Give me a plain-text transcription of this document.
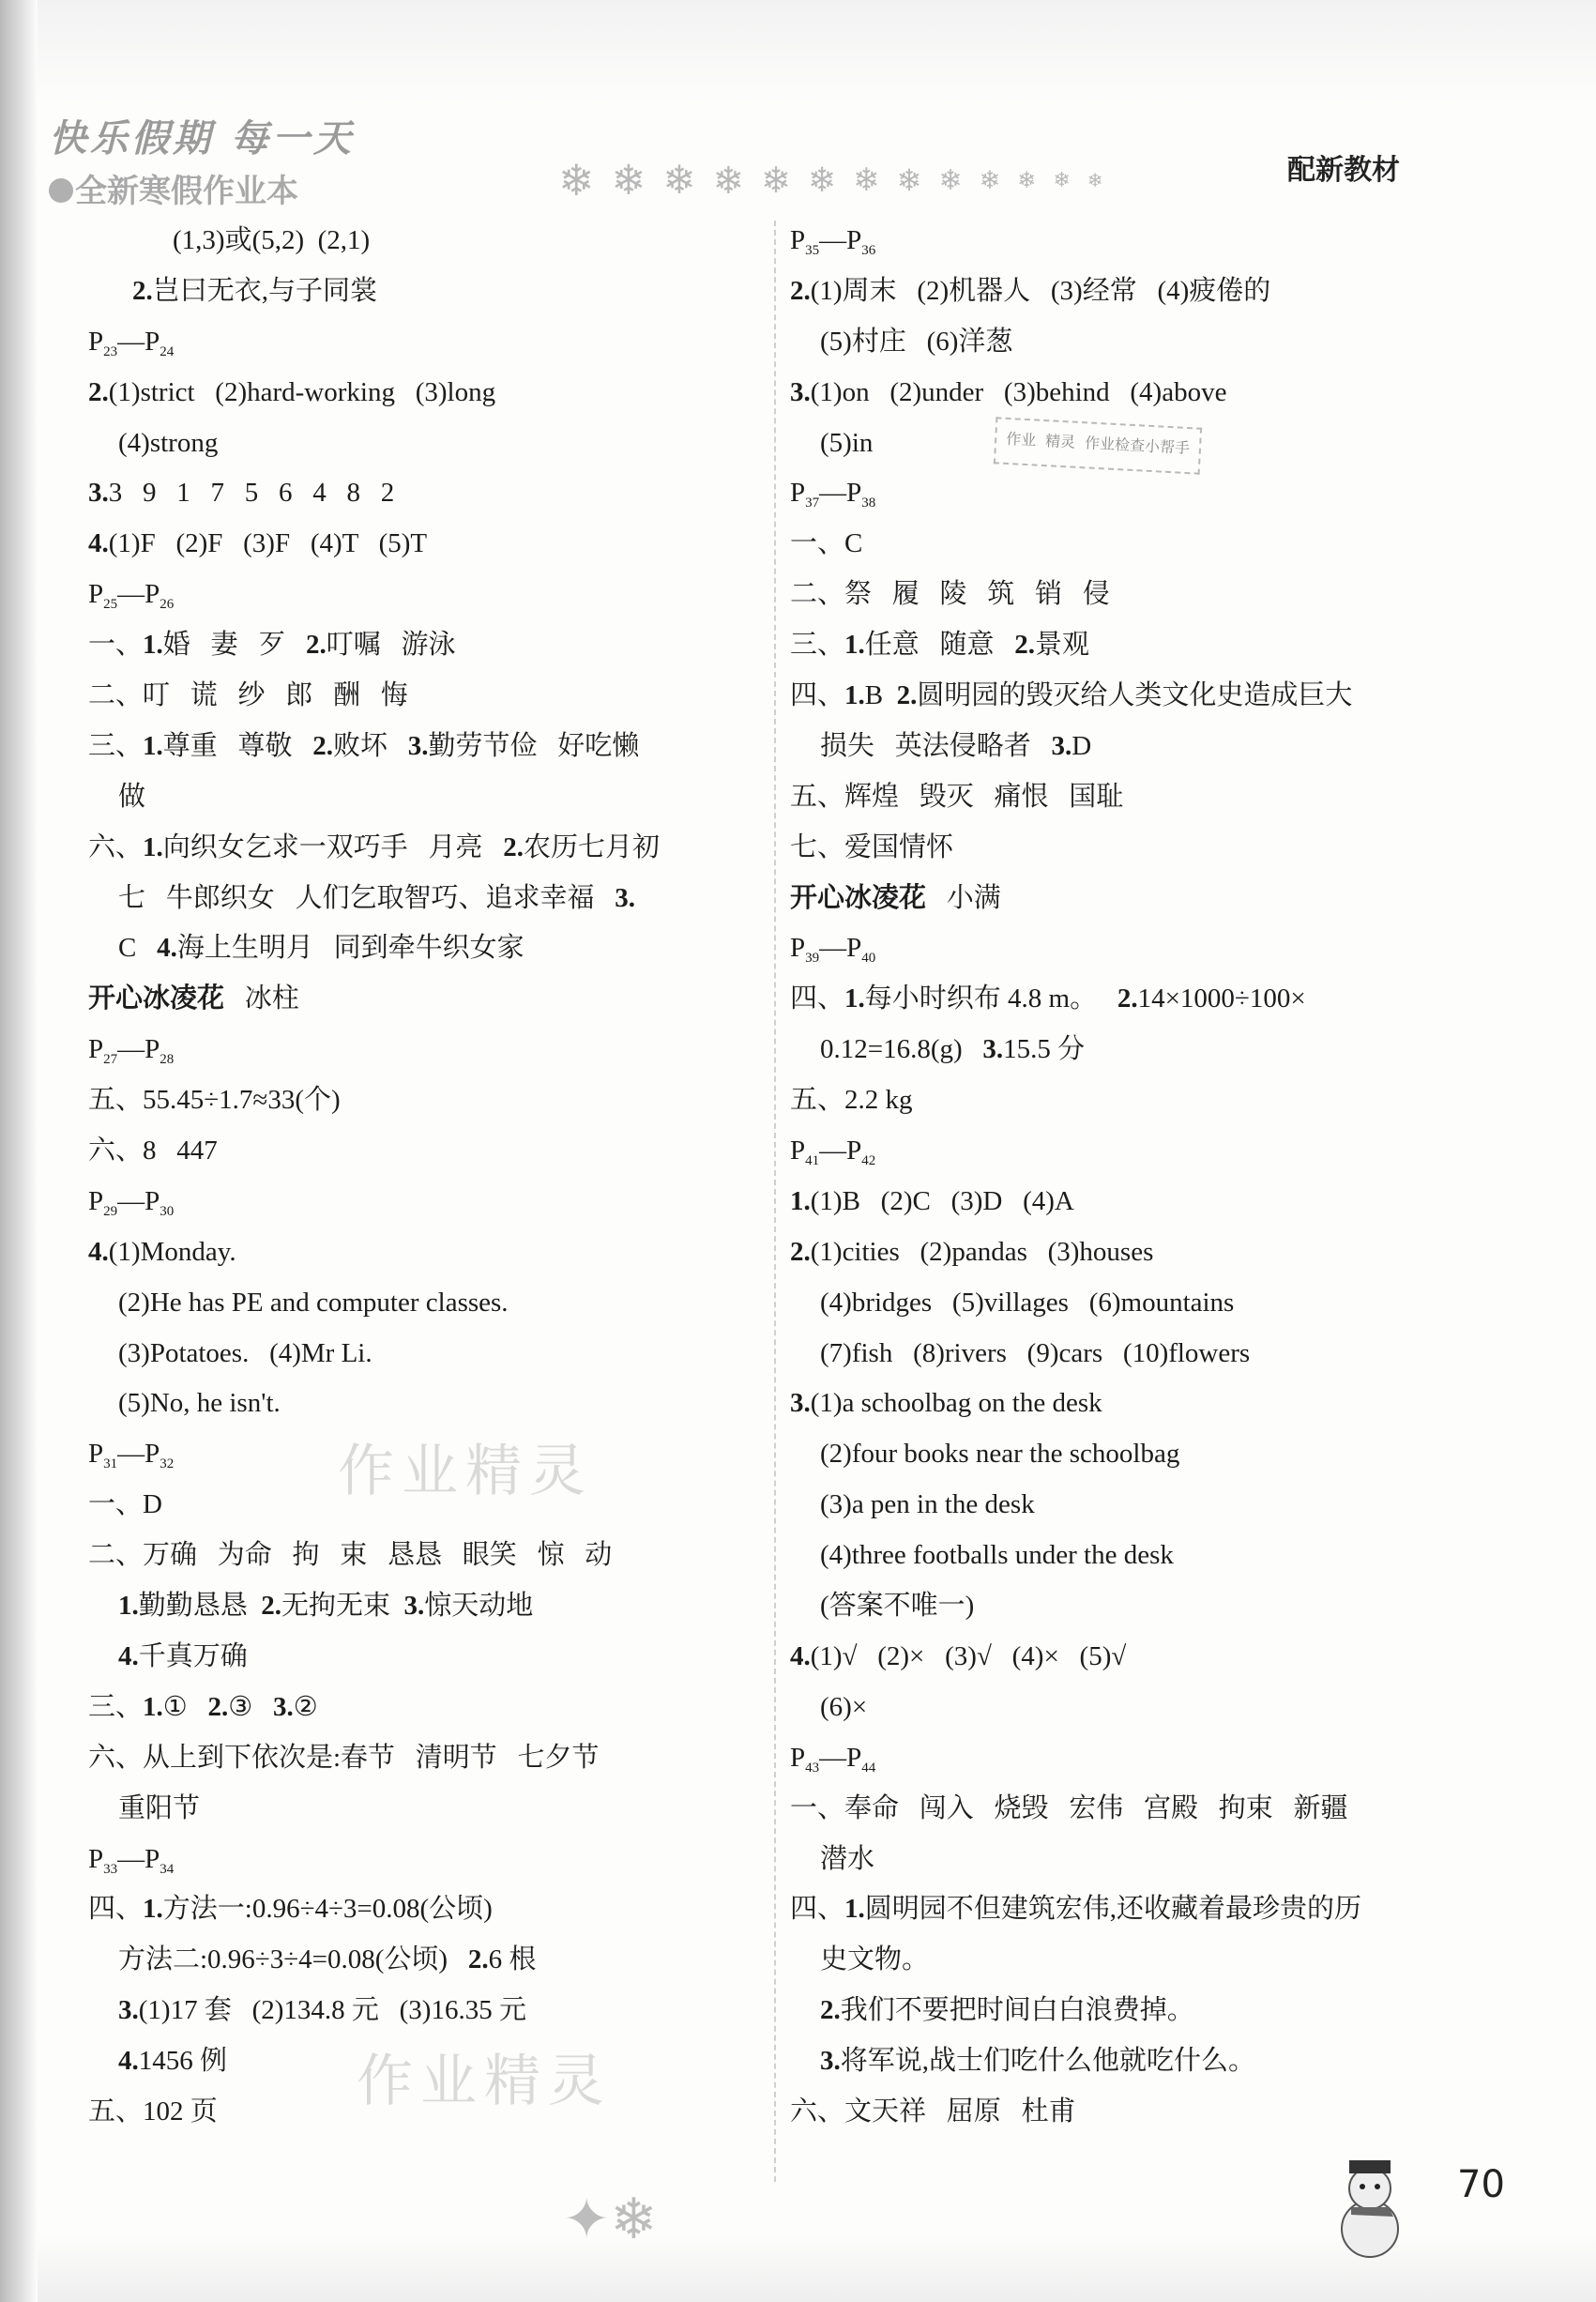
快乐假期 每一天
全新寒假作业本	❄ ❄ ❄ ❄ ❄ ❄ ❄ ❄ ❄ ❄ ❄ ❄ ❄	配新教材
作业精灵
作业精灵
作业 精灵 作业检查小帮手
(1,3)或(5,2)  (2,1)
2.岂曰无衣,与子同裳
$P_{23}—P_{24}$
2.(1)strict   (2)hard-working   (3)long
(4)strong
3.3   9   1   7   5   6   4   8   2
4.(1)F   (2)F   (3)F   (4)T   (5)T
$P_{25}—P_{26}$
一、1.婚   妻   歹   2.叮嘱   游泳
二、叮   谎   纱   郎   酬   悔
三、1.尊重   尊敬   2.败坏   3.勤劳节俭   好吃懒
做
六、1.向织女乞求一双巧手   月亮   2.农历七月初
七   牛郎织女   人们乞取智巧、追求幸福   3.
C   4.海上生明月   同到牵牛织女家
开心冰凌花   冰柱
$P_{27}—P_{28}$
五、55.45÷1.7≈33(个)
六、8   447
$P_{29}—P_{30}$
4.(1)Monday.
(2)He has PE and computer classes.
(3)Potatoes.   (4)Mr Li.
(5)No, he isn't.
$P_{31}—P_{32}$
一、D
二、万确   为命   拘   束   恳恳   眼笑   惊   动
1.勤勤恳恳  2.无拘无束  3.惊天动地
4.千真万确
三、1.①   2.③   3.②
六、从上到下依次是:春节   清明节   七夕节
重阳节
$P_{33}—P_{34}$
四、1.方法一:0.96÷4÷3=0.08(公顷)
方法二:0.96÷3÷4=0.08(公顷)   2.6 根
3.(1)17 套   (2)134.8 元   (3)16.35 元
4.1456 例
五、102 页
$P_{35}—P_{36}$
2.(1)周末   (2)机器人   (3)经常   (4)疲倦的
(5)村庄   (6)洋葱
3.(1)on   (2)under   (3)behind   (4)above
(5)in
$P_{37}—P_{38}$
一、C
二、祭   履   陵   筑   销   侵
三、1.任意   随意   2.景观
四、1.B  2.圆明园的毁灭给人类文化史造成巨大
损失   英法侵略者   3.D
五、辉煌   毁灭   痛恨   国耻
七、爱国情怀
开心冰凌花   小满
$P_{39}—P_{40}$
四、1.每小时织布 4.8 m。   2.14×1000÷100×
0.12=16.8(g)   3.15.5 分
五、2.2 kg
$P_{41}—P_{42}$
1.(1)B   (2)C   (3)D   (4)A
2.(1)cities   (2)pandas   (3)houses
(4)bridges   (5)villages   (6)mountains
(7)fish   (8)rivers   (9)cars   (10)flowers
3.(1)a schoolbag on the desk
(2)four books near the schoolbag
(3)a pen in the desk
(4)three footballs under the desk
(答案不唯一)
4.(1)√   (2)×   (3)√   (4)×   (5)√
(6)×
$P_{43}—P_{44}$
一、奉命   闯入   烧毁   宏伟   宫殿   拘束   新疆
潜水
四、1.圆明园不但建筑宏伟,还收藏着最珍贵的历
史文物。
2.我们不要把时间白白浪费掉。
3.将军说,战士们吃什么他就吃什么。
六、文天祥   屈原   杜甫
✦❄
70
